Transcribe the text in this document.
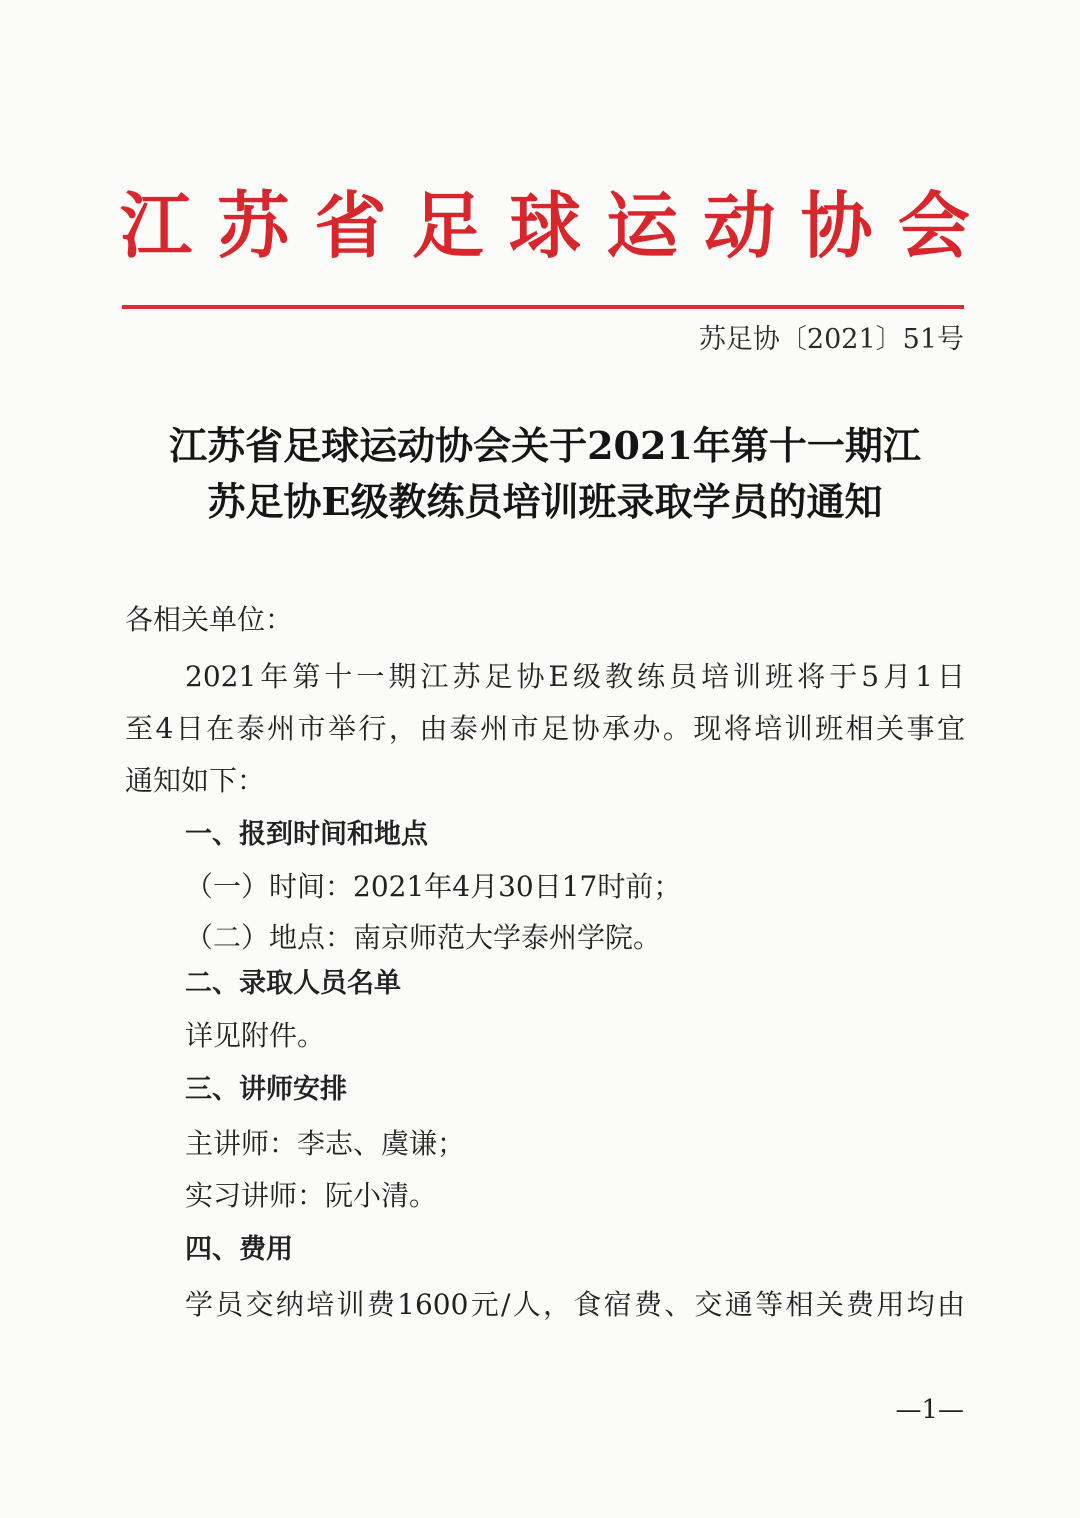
江 苏 省 足 球 运 动 协 会
苏足协〔2021〕51号
江苏省足球运动协会关于2021年第十一期江
苏足协E级教练员培训班录取学员的通知
各相关单位：
2021年第十一期江苏足协E级教练员培训班将于5月1日
至4日在泰州市举行，由泰州市足协承办。现将培训班相关事宜
通知如下：
一、报到时间和地点
（一）时间：2021年4月30日17时前；
（二）地点：南京师范大学泰州学院。
二、录取人员名单
详见附件。
三、讲师安排
主讲师：李志、虞谦；
实习讲师：阮小清。
四、费用
学员交纳培训费1600元/人，食宿费、交通等相关费用均由
—1—
